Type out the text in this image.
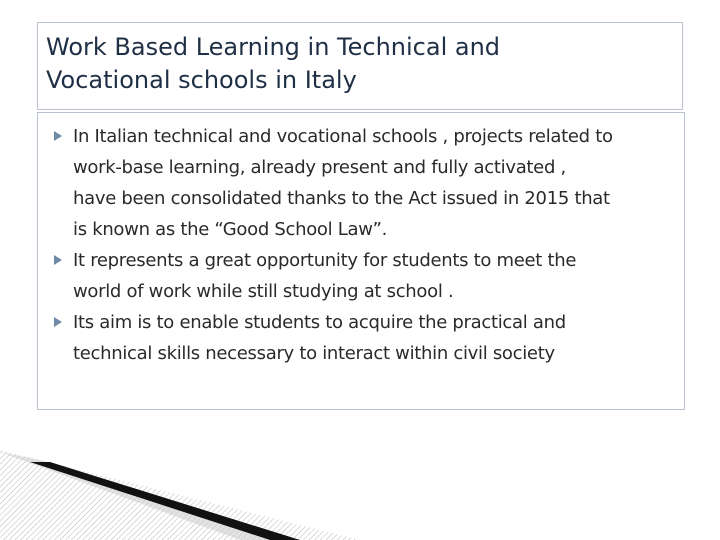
Work Based Learning in Technical and
Vocational schools in Italy
In Italian technical and vocational schools , projects related to
work-base learning, already present and fully activated ,
have been consolidated thanks to the Act issued in 2015 that
is known as the “Good School Law”.
It represents a great opportunity for students to meet the
world of work while still studying at school .
Its aim is to enable students to acquire the practical and
technical skills necessary to interact within civil society
